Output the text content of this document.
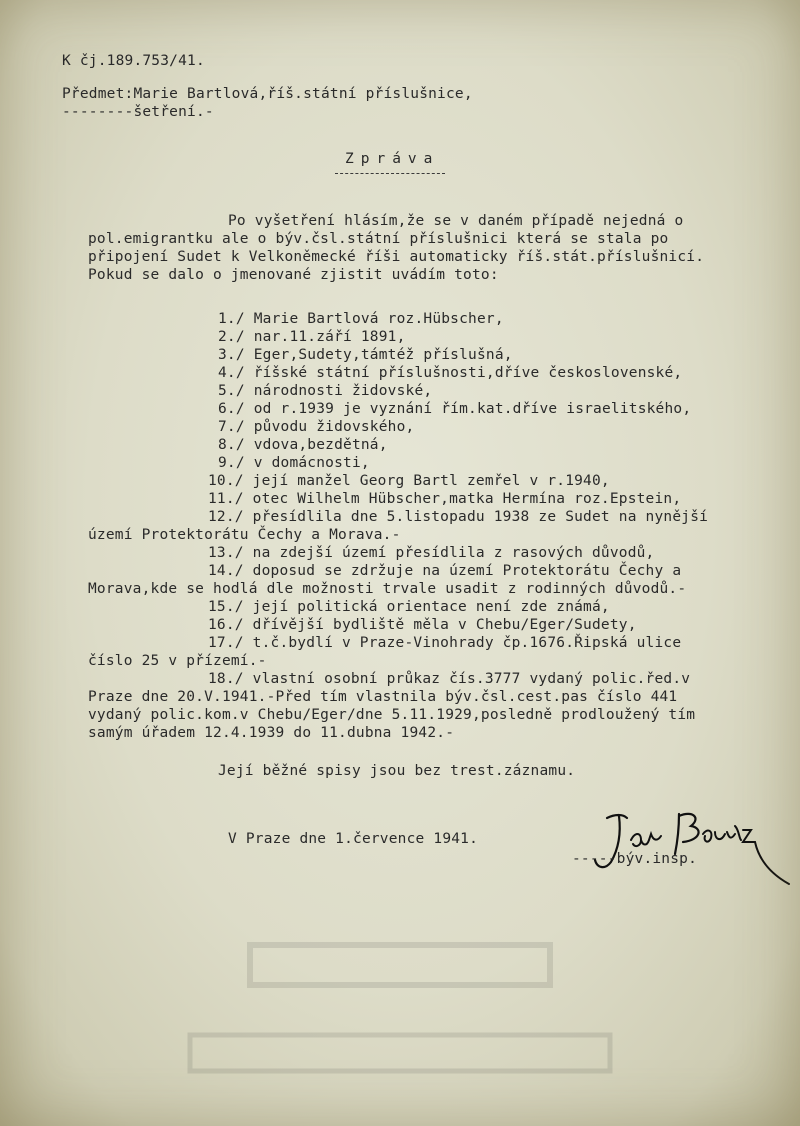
K čj.189.753/41.
Předmet:Marie Bartlová,říš.státní příslušnice,
--------šetření.-
Zpráva
Po vyšetření hlásím,že se v daném případě nejedná o
pol.emigrantku ale o býv.čsl.státní příslušnici která se stala po
připojení Sudet k Velkoněmecké říši automaticky říš.stát.příslušnicí.
Pokud se dalo o jmenované zjistit uvádím toto:
1./ Marie Bartlová roz.Hübscher,
2./ nar.11.září 1891,
3./ Eger,Sudety,támtéž příslušná,
4./ říšské státní příslušnosti,dříve československé,
5./ národnosti židovské,
6./ od r.1939 je vyznání řím.kat.dříve israelitského,
7./ původu židovského,
8./ vdova,bezdětná,
9./ v domácnosti,
10./ její manžel Georg Bartl zemřel v r.1940,
11./ otec Wilhelm Hübscher,matka Hermína roz.Epstein,
12./ přesídlila dne 5.listopadu 1938 ze Sudet na nynější
území Protektorátu Čechy a Morava.-
13./ na zdejší území přesídlila z rasových důvodů,
14./ doposud se zdržuje na území Protektorátu Čechy a
Morava,kde se hodlá dle možnosti trvale usadit z rodinných důvodů.-
15./ její politická orientace není zde známá,
16./ dřívější bydliště měla v Chebu/Eger/Sudety,
17./ t.č.bydlí v Praze-Vinohrady čp.1676.Řipská ulice
číslo 25 v přízemí.-
18./ vlastní osobní průkaz čís.3777 vydaný polic.řed.v
Praze dne 20.V.1941.-Před tím vlastnila býv.čsl.cest.pas číslo 441
vydaný polic.kom.v Chebu/Eger/dne 5.11.1929,posledně prodloužený tím
samým úřadem 12.4.1939 do 11.dubna 1942.-
Její běžné spisy jsou bez trest.záznamu.
V Praze dne 1.července 1941.
-----býv.insp.
